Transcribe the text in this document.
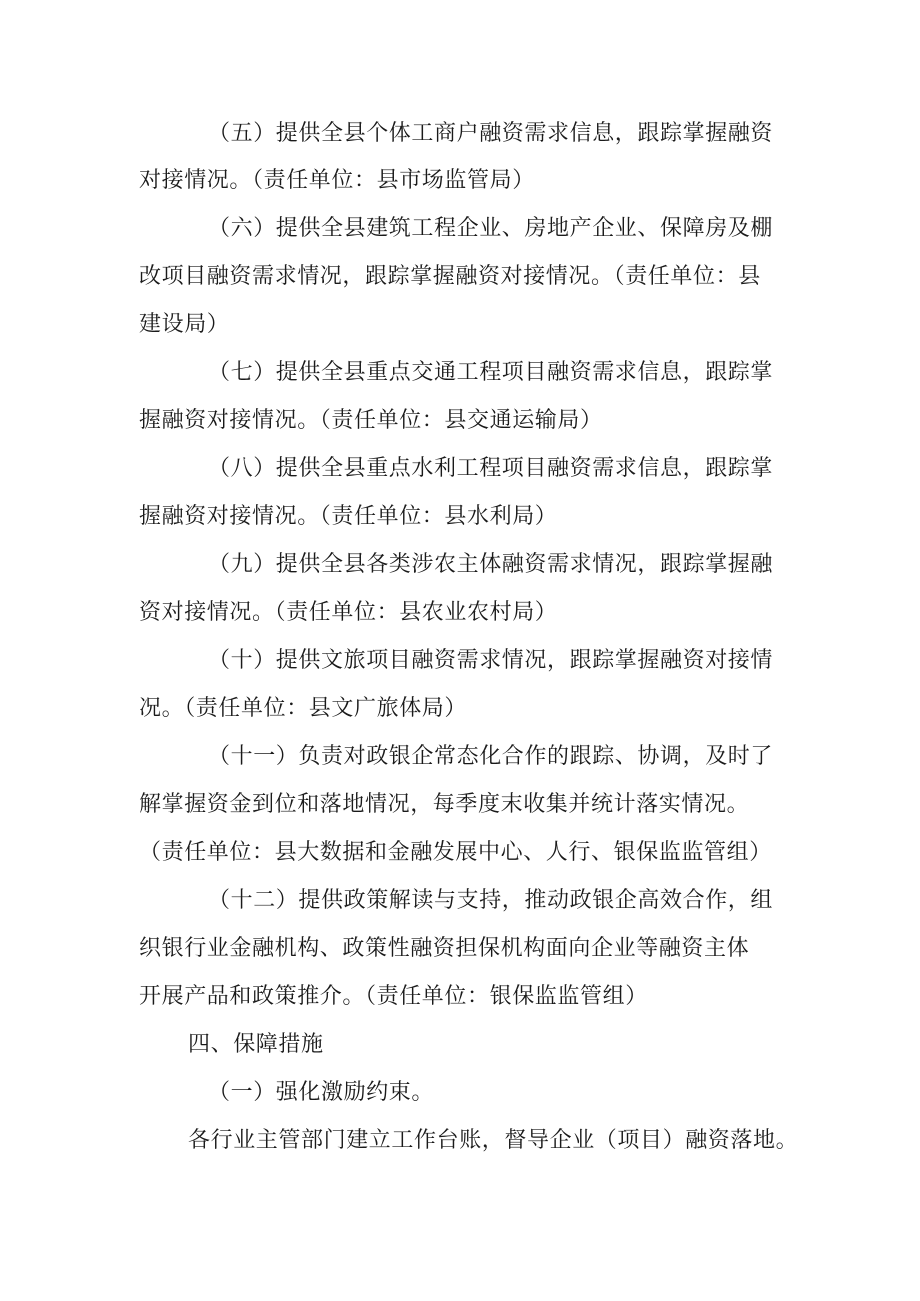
（五）提供全县个体工商户融资需求信息，跟踪掌握融资
对接情况。（责任单位：县市场监管局）
（六）提供全县建筑工程企业、房地产企业、保障房及棚
改项目融资需求情况，跟踪掌握融资对接情况。（责任单位：县
建设局）
（七）提供全县重点交通工程项目融资需求信息，跟踪掌
握融资对接情况。（责任单位：县交通运输局）
（八）提供全县重点水利工程项目融资需求信息，跟踪掌
握融资对接情况。（责任单位：县水利局）
（九）提供全县各类涉农主体融资需求情况，跟踪掌握融
资对接情况。（责任单位：县农业农村局）
（十）提供文旅项目融资需求情况，跟踪掌握融资对接情
况。（责任单位：县文广旅体局）
（十一）负责对政银企常态化合作的跟踪、协调，及时了
解掌握资金到位和落地情况，每季度末收集并统计落实情况。
（责任单位：县大数据和金融发展中心、人行、银保监监管组）
（十二）提供政策解读与支持，推动政银企高效合作，组
织银行业金融机构、政策性融资担保机构面向企业等融资主体
开展产品和政策推介。（责任单位：银保监监管组）
四、保障措施
（一）强化激励约束。
各行业主管部门建立工作台账，督导企业（项目）融资落地。
